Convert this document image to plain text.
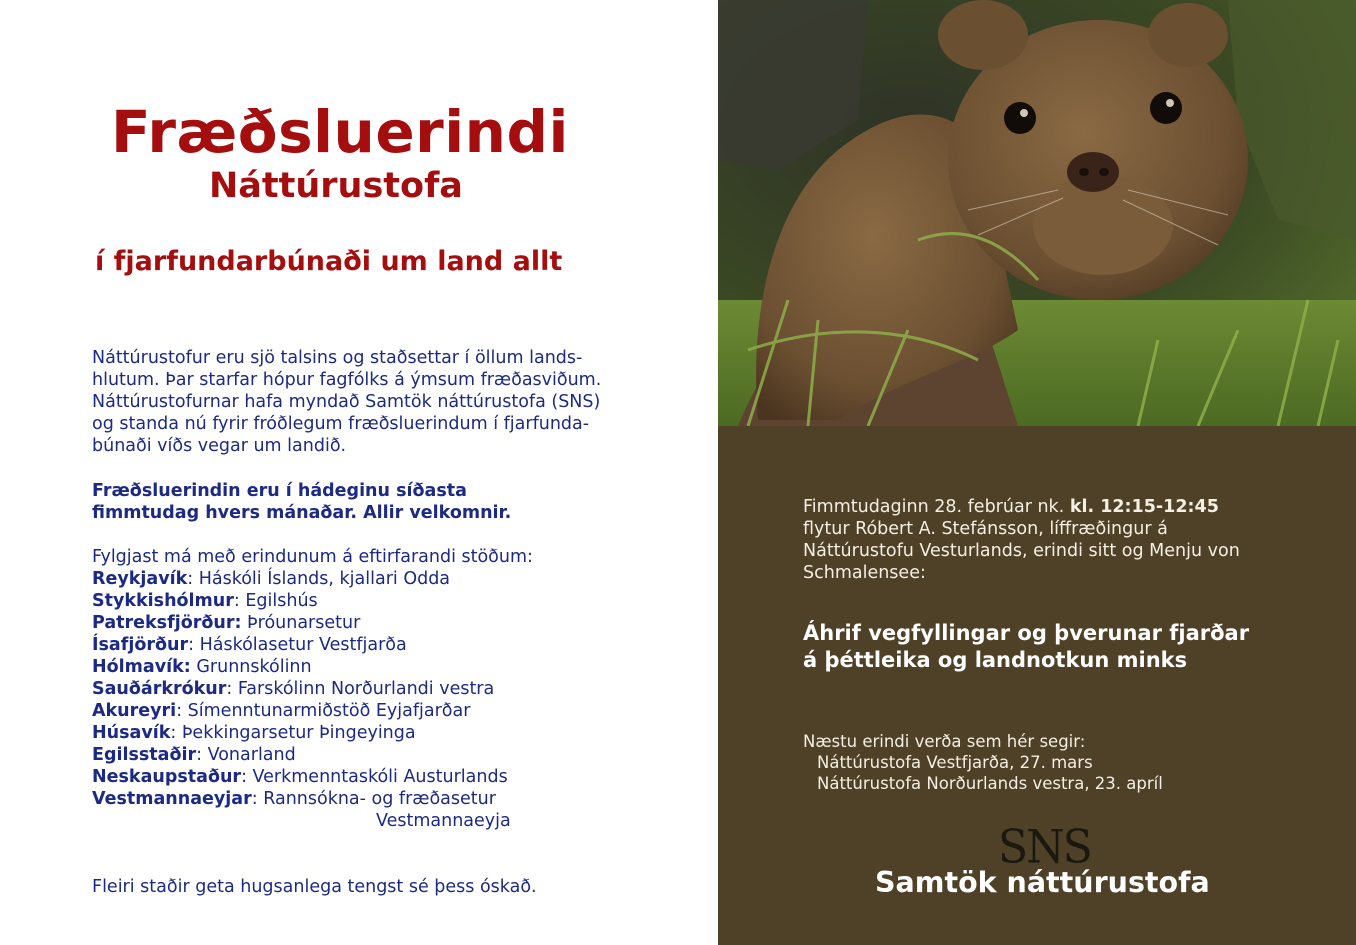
Fræðsluerindi
Náttúrustofa
í fjarfundarbúnaði um land allt
Náttúrustofur eru sjö talsins og staðsettar í öllum lands-
hlutum. Þar starfar hópur fagfólks á ýmsum fræðasviðum.
Náttúrustofurnar hafa myndað Samtök náttúrustofa (SNS)
og standa nú fyrir fróðlegum fræðsluerindum í fjarfunda-
búnaði víðs vegar um landið.
Fræðsluerindin eru í hádeginu síðasta
fimmtudag hvers mánaðar. Allir velkomnir.
Fylgjast má með erindunum á eftirfarandi stöðum:
Reykjavík: Háskóli Íslands, kjallari Odda
Stykkishólmur: Egilshús
Patreksfjörður: Þróunarsetur
Ísafjörður: Háskólasetur Vestfjarða
Hólmavík: Grunnskólinn
Sauðárkrókur: Farskólinn Norðurlandi vestra
Akureyri: Símenntunarmiðstöð Eyjafjarðar
Húsavík: Þekkingarsetur Þingeyinga
Egilsstaðir: Vonarland
Neskaupstaður: Verkmenntaskóli Austurlands
Vestmannaeyjar: Rannsókna- og fræðasetur
Vestmannaeyja
Fleiri staðir geta hugsanlega tengst sé þess óskað.
Fimmtudaginn 28. febrúar nk. kl. 12:15-12:45
flytur Róbert A. Stefánsson, líffræðingur á
Náttúrustofu Vesturlands, erindi sitt og Menju von
Schmalensee:
Áhrif vegfyllingar og þverunar fjarðar
á þéttleika og landnotkun minks
Næstu erindi verða sem hér segir:
Náttúrustofa Vestfjarða, 27. mars
Náttúrustofa Norðurlands vestra, 23. apríl
SNS
Samtök náttúrustofa
